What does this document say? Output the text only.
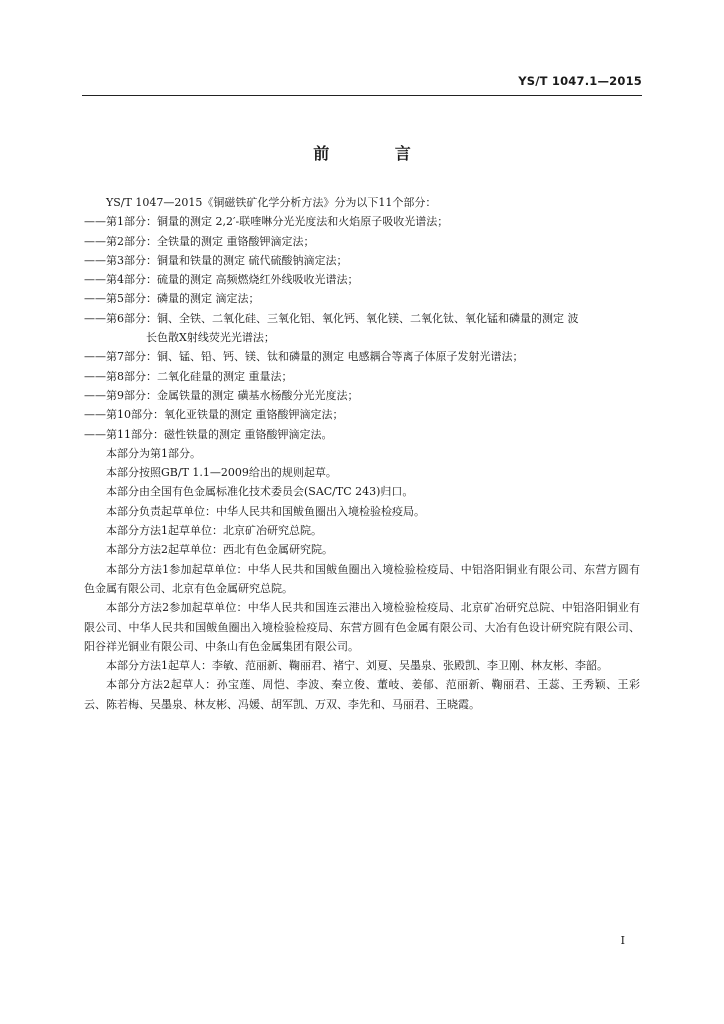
YS/T 1047.1—2015
前 言

YS/T 1047—2015《铜磁铁矿化学分析方法》分为以下11个部分：

——第1部分：铜量的测定 2,2′-联喹啉分光光度法和火焰原子吸收光谱法；

——第2部分：全铁量的测定 重铬酸钾滴定法；

——第3部分：铜量和铁量的测定 硫代硫酸钠滴定法；

——第4部分：硫量的测定 高频燃烧红外线吸收光谱法；

——第5部分：磷量的测定 滴定法；

——第6部分：铜、全铁、二氧化硅、三氧化铝、氧化钙、氧化镁、二氧化钛、氧化锰和磷量的测定 波

长色散X射线荧光光谱法；

——第7部分：铜、锰、铅、钙、镁、钛和磷量的测定 电感耦合等离子体原子发射光谱法；

——第8部分：二氧化硅量的测定 重量法；

——第9部分：金属铁量的测定 磺基水杨酸分光光度法；

——第10部分：氧化亚铁量的测定 重铬酸钾滴定法；

——第11部分：磁性铁量的测定 重铬酸钾滴定法。

本部分为第1部分。

本部分按照GB/T 1.1—2009给出的规则起草。

本部分由全国有色金属标准化技术委员会(SAC/TC 243)归口。

本部分负责起草单位：中华人民共和国鲅鱼圈出入境检验检疫局。

本部分方法1起草单位：北京矿冶研究总院。

本部分方法2起草单位：西北有色金属研究院。

本部分方法1参加起草单位：中华人民共和国鲅鱼圈出入境检验检疫局、中铝洛阳铜业有限公司、东营方圆有色金属有限公司、北京有色金属研究总院。

本部分方法2参加起草单位：中华人民共和国连云港出入境检验检疫局、北京矿冶研究总院、中铝洛阳铜业有限公司、中华人民共和国鲅鱼圈出入境检验检疫局、东营方圆有色金属有限公司、大冶有色设计研究院有限公司、阳谷祥光铜业有限公司、中条山有色金属集团有限公司。

本部分方法1起草人：李敏、范丽新、鞠丽君、褚宁、刘夏、吴墨泉、张殿凯、李卫刚、林友彬、李韶。

本部分方法2起草人：孙宝莲、周恺、李波、秦立俊、董岐、姜郁、范丽新、鞠丽君、王蕊、王秀颖、王彩云、陈若梅、吴墨泉、林友彬、冯媛、胡军凯、万双、李先和、马丽君、王晓霞。

I
